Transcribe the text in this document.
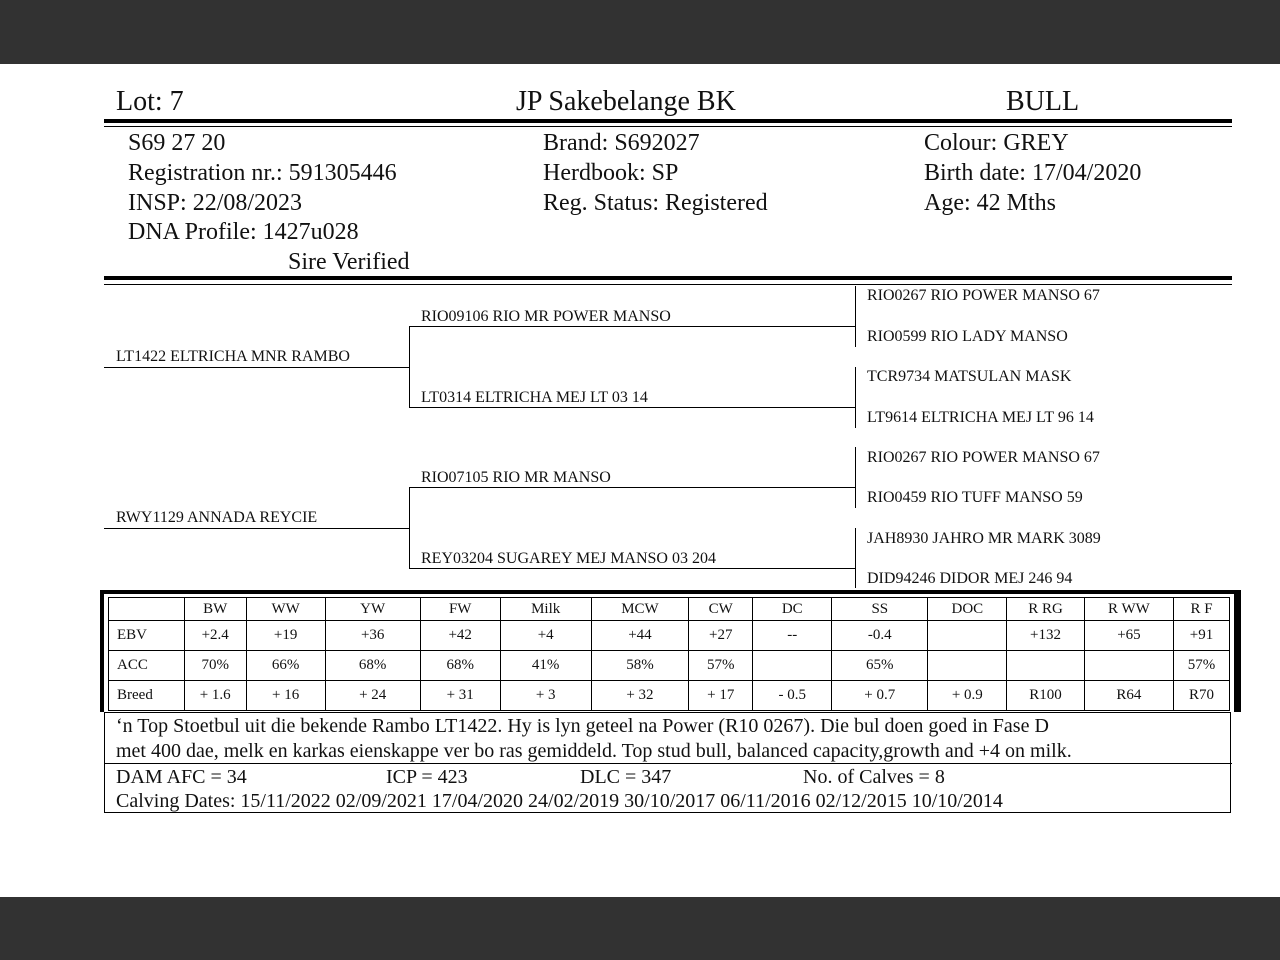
Lot: 7	JP Sakebelange BK	BULL
S69 27 20
Registration nr.: 591305446
INSP: 22/08/2023
DNA Profile: 1427u028
Sire Verified
Brand: S692027
Herdbook: SP
Reg. Status: Registered
Colour: GREY
Birth date: 17/04/2020
Age: 42 Mths
LT1422 ELTRICHA MNR RAMBO
RIO09106 RIO MR POWER MANSO
LT0314 ELTRICHA MEJ LT 03 14
RIO0267 RIO POWER MANSO 67
RIO0599 RIO LADY MANSO
TCR9734 MATSULAN MASK
LT9614 ELTRICHA MEJ LT 96 14
RWY1129 ANNADA REYCIE
RIO07105 RIO MR MANSO
REY03204 SUGAREY MEJ MANSO 03 204
RIO0267 RIO POWER MANSO 67
RIO0459 RIO TUFF MANSO 59
JAH8930 JAHRO MR MARK 3089
DID94246 DIDOR MEJ 246 94
	BW	WW	YW	FW	Milk	MCW	CW	DC	SS	DOC	R RG	R WW	R F
EBV	+2.4	+19	+36	+42	+4	+44	+27	--	-0.4		+132	+65	+91
ACC	70%	66%	68%	68%	41%	58%	57%		65%				57%
Breed	+ 1.6	+ 16	+ 24	+ 31	+ 3	+ 32	+ 17	- 0.5	+ 0.7	+ 0.9	R100	R64	R70
‘n Top Stoetbul uit die bekende Rambo LT1422. Hy is lyn geteel na Power (R10 0267). Die bul doen goed in Fase D
met 400 dae, melk en karkas eienskappe ver bo ras gemiddeld. Top stud bull, balanced capacity,growth and +4 on milk.
DAM AFC = 34	ICP = 423	DLC = 347	No. of Calves = 8
Calving Dates: 15/11/2022 02/09/2021 17/04/2020 24/02/2019 30/10/2017 06/11/2016 02/12/2015 10/10/2014
